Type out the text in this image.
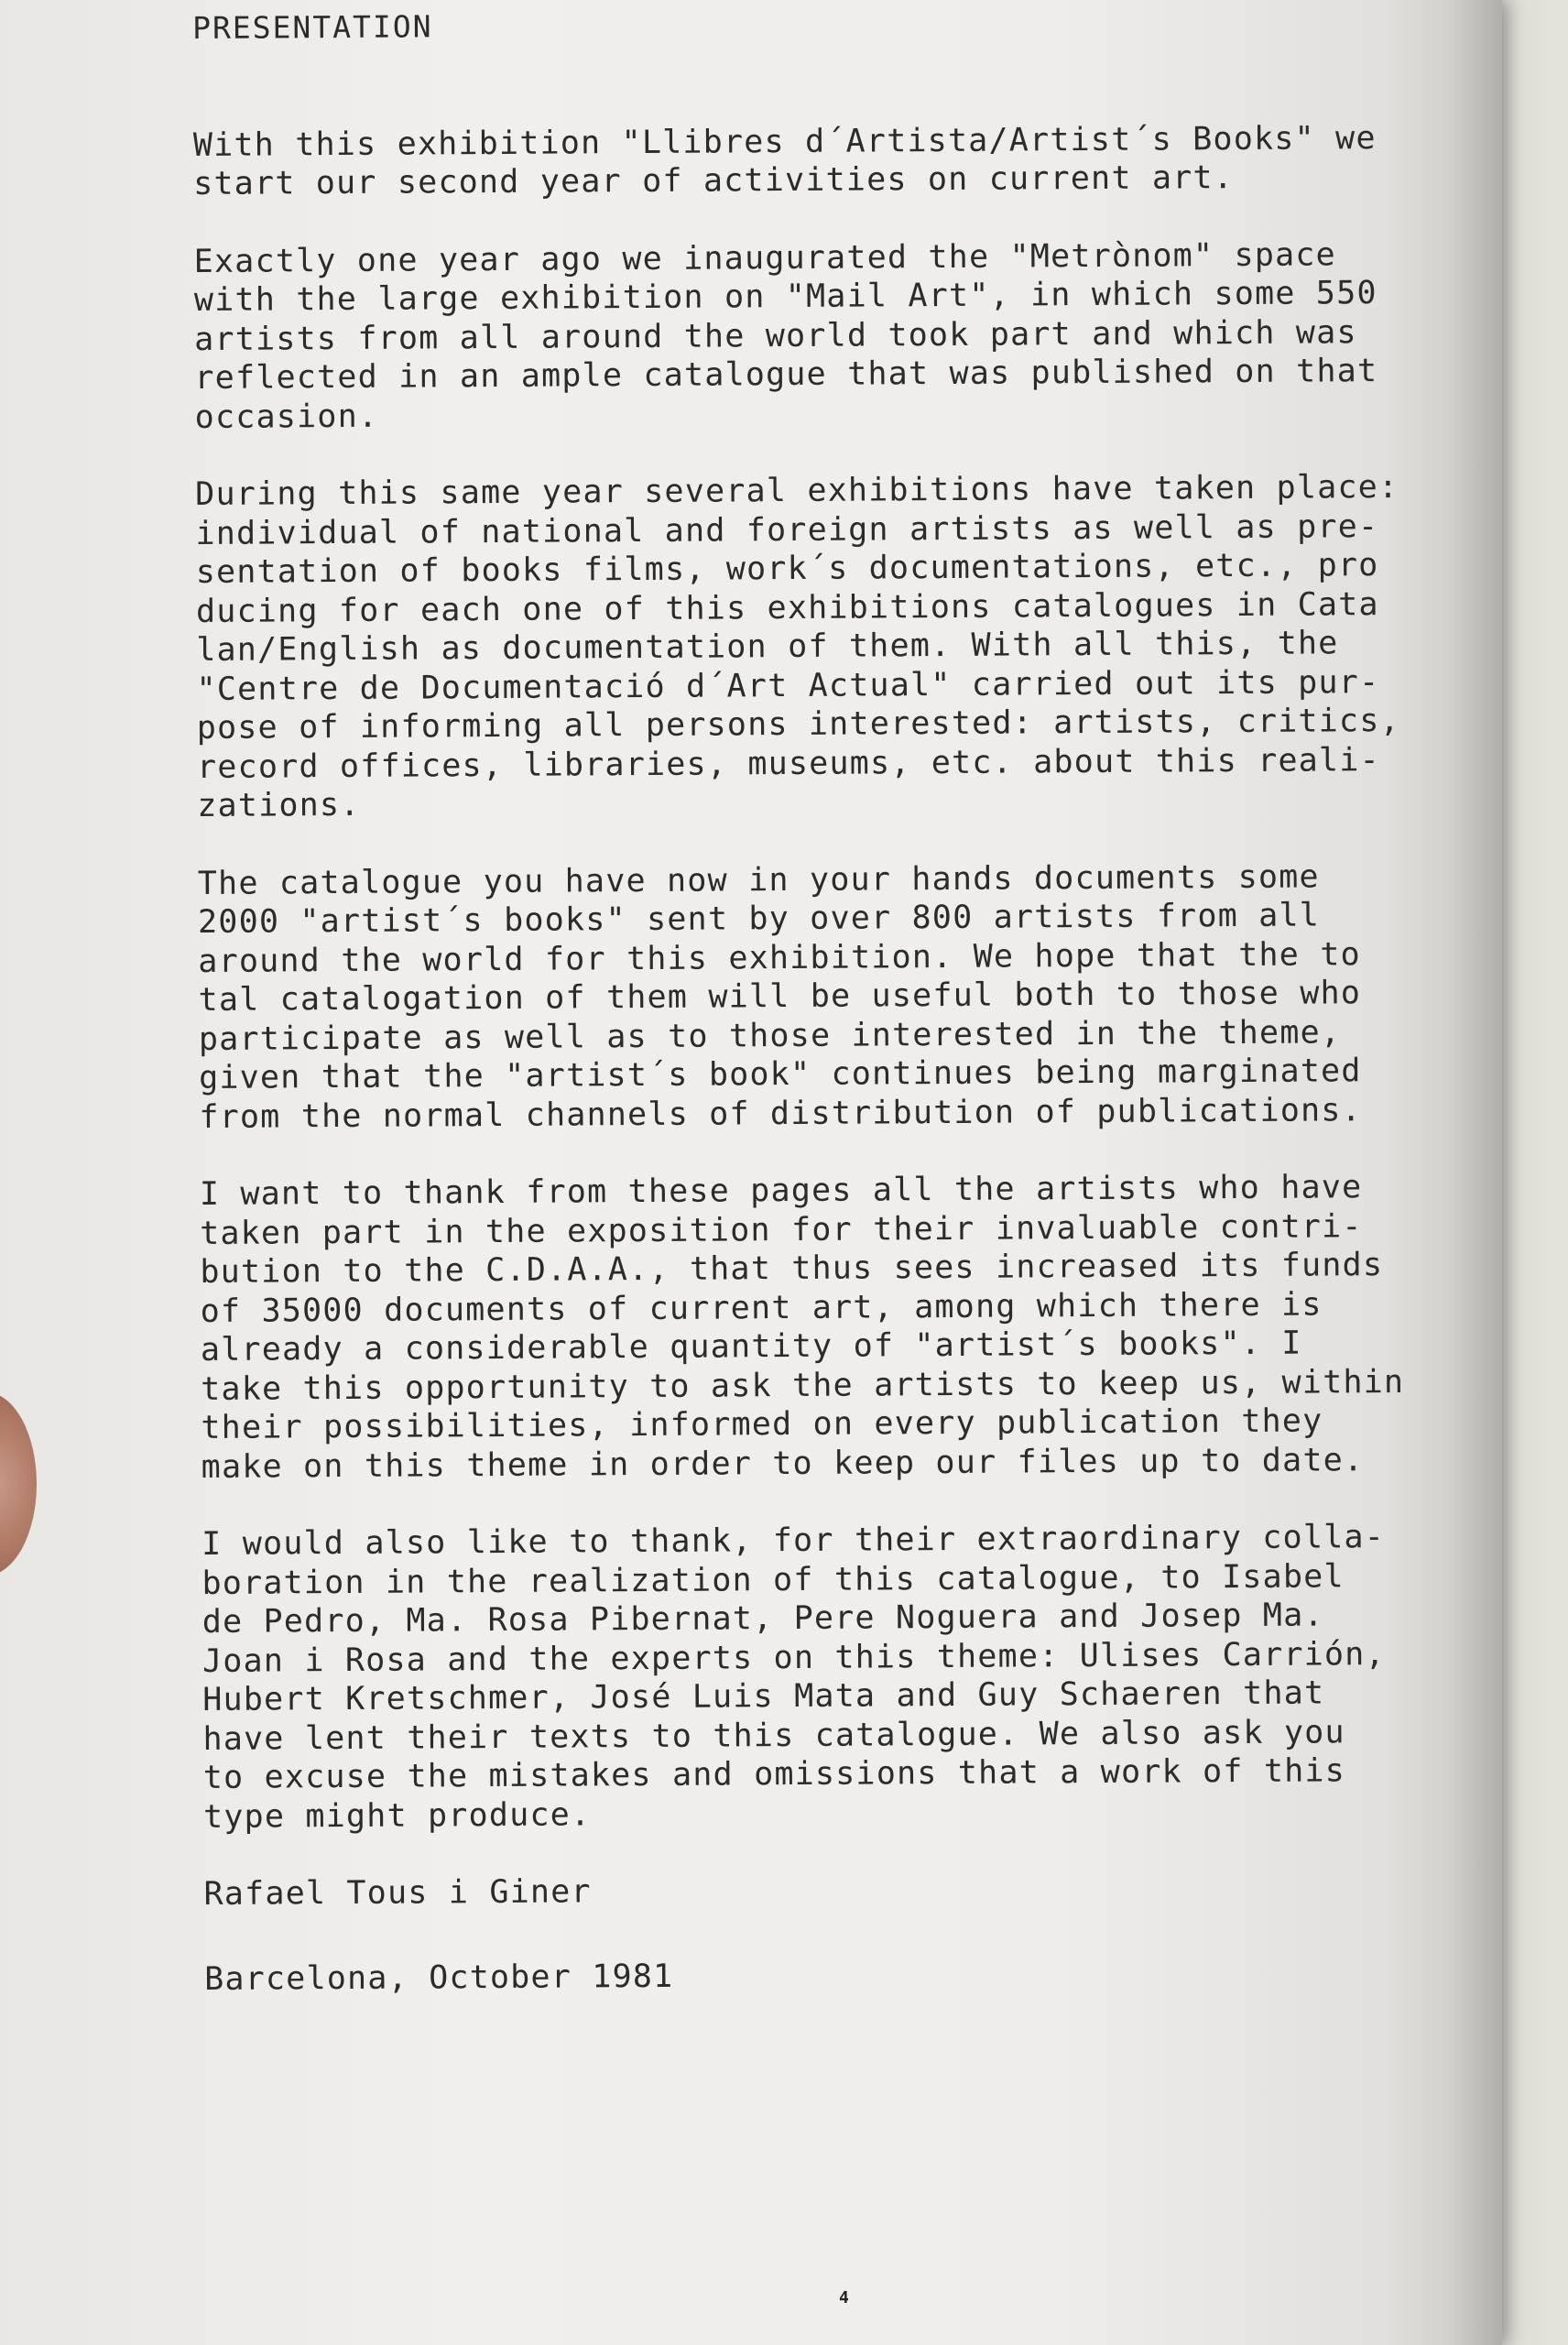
PRESENTATION
With this exhibition "Llibres d´Artista/Artist´s Books" we
start our second year of activities on current art.
Exactly one year ago we inaugurated the "Metrònom" space
with the large exhibition on "Mail Art", in which some 550
artists from all around the world took part and which was
reflected in an ample catalogue that was published on that
occasion.
During this same year several exhibitions have taken place:
individual of national and foreign artists as well as pre-
sentation of books films, work´s documentations, etc., pro
ducing for each one of this exhibitions catalogues in Cata
lan/English as documentation of them. With all this, the
"Centre de Documentació d´Art Actual" carried out its pur-
pose of informing all persons interested: artists, critics,
record offices, libraries, museums, etc. about this reali-
zations.
The catalogue you have now in your hands documents some
2000 "artist´s books" sent by over 800 artists from all
around the world for this exhibition. We hope that the to
tal catalogation of them will be useful both to those who
participate as well as to those interested in the theme,
given that the "artist´s book" continues being marginated
from the normal channels of distribution of publications.
I want to thank from these pages all the artists who have
taken part in the exposition for their invaluable contri-
bution to the C.D.A.A., that thus sees increased its funds
of 35000 documents of current art, among which there is
already a considerable quantity of "artist´s books". I
take this opportunity to ask the artists to keep us, within
their possibilities, informed on every publication they
make on this theme in order to keep our files up to date.
I would also like to thank, for their extraordinary colla-
boration in the realization of this catalogue, to Isabel
de Pedro, Ma. Rosa Pibernat, Pere Noguera and Josep Ma.
Joan i Rosa and the experts on this theme: Ulises Carrión,
Hubert Kretschmer, José Luis Mata and Guy Schaeren that
have lent their texts to this catalogue. We also ask you
to excuse the mistakes and omissions that a work of this
type might produce.
Rafael Tous i Giner
Barcelona, October 1981
4
